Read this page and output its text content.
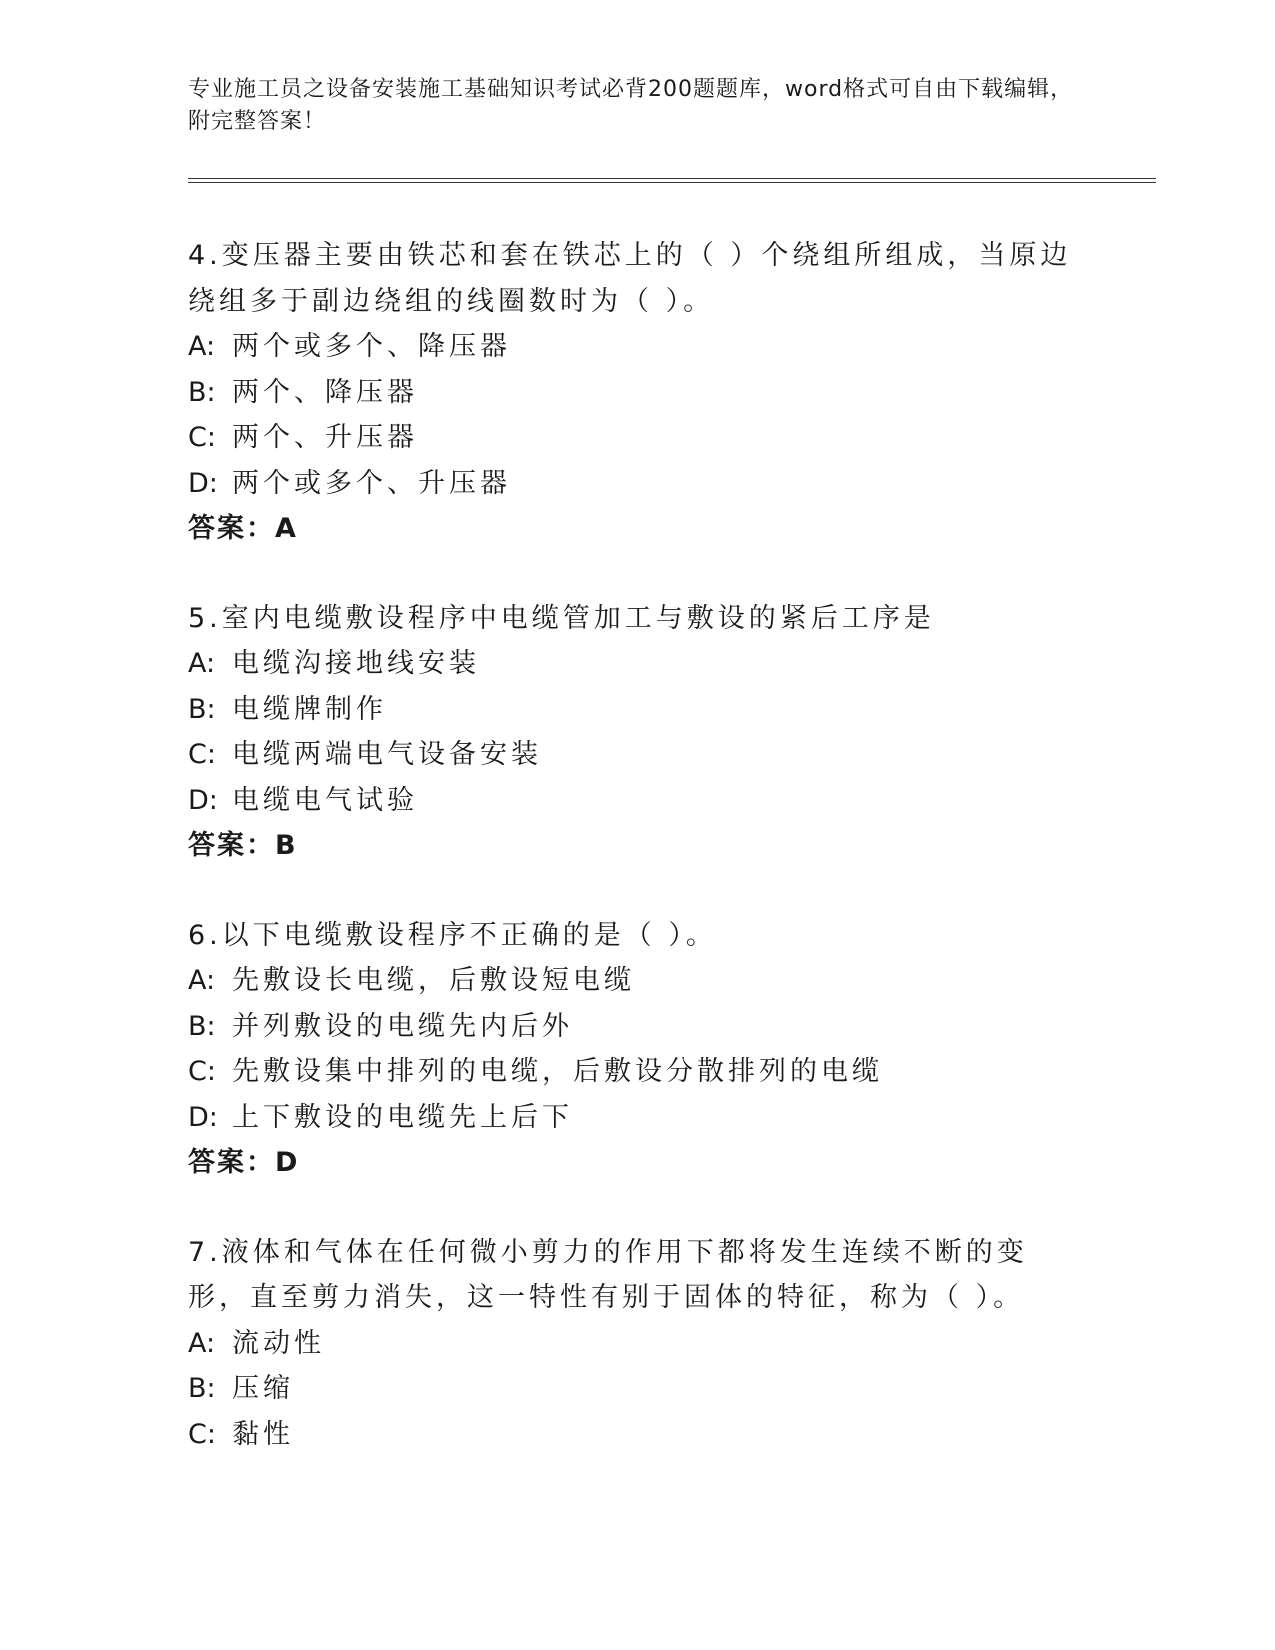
专业施工员之设备安装施工基础知识考试必背200题题库，word格式可自由下载编辑，附完整答案！

4.变压器主要由铁芯和套在铁芯上的（ ）个绕组所组成，当原边绕组多于副边绕组的线圈数时为（ ）。

A: 两个或多个、降压器

B: 两个、降压器

C: 两个、升压器

D: 两个或多个、升压器

答案：A

5.室内电缆敷设程序中电缆管加工与敷设的紧后工序是

A: 电缆沟接地线安装

B: 电缆牌制作

C: 电缆两端电气设备安装

D: 电缆电气试验

答案：B

6.以下电缆敷设程序不正确的是（ ）。

A: 先敷设长电缆，后敷设短电缆

B: 并列敷设的电缆先内后外

C: 先敷设集中排列的电缆，后敷设分散排列的电缆

D: 上下敷设的电缆先上后下

答案：D

7.液体和气体在任何微小剪力的作用下都将发生连续不断的变形，直至剪力消失，这一特性有别于固体的特征，称为（ ）。

A: 流动性

B: 压缩

C: 黏性
